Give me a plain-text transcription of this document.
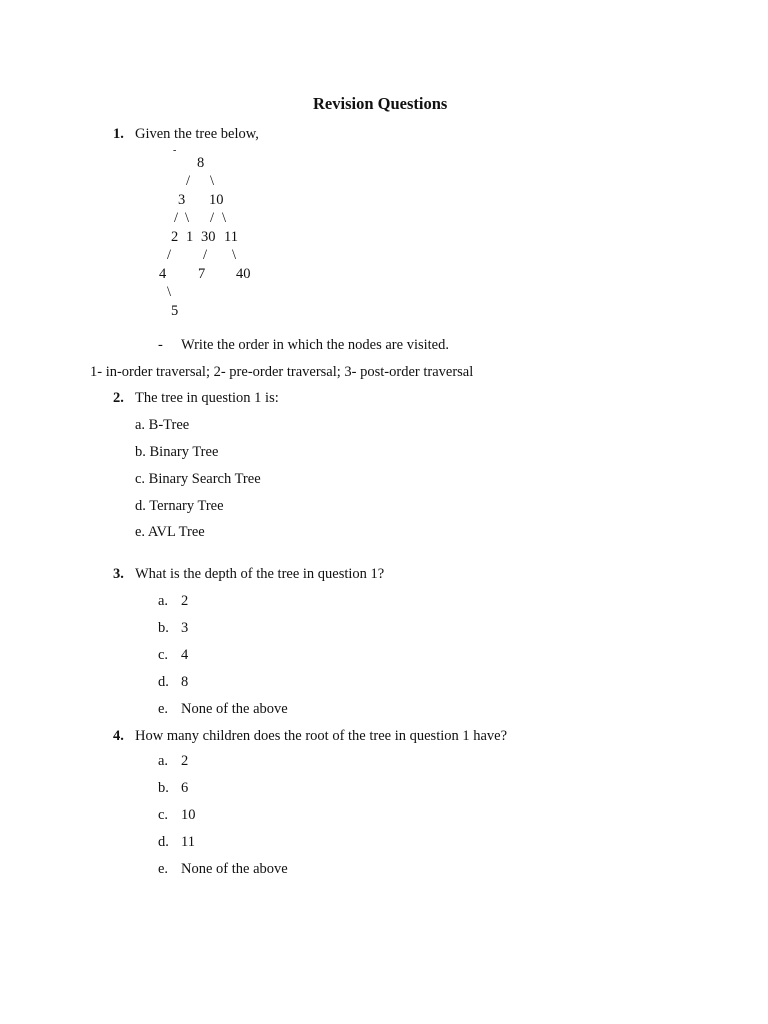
Revision Questions
1. Given the tree below,
-
8
/ \
3 10
/ \ / \
2 1 30 11
/ / \
4 7 40
\
5
- Write the order in which the nodes are visited.
1- in-order traversal; 2- pre-order traversal; 3- post-order traversal
2. The tree in question 1 is:
a. B-Tree
b. Binary Tree
c. Binary Search Tree
d. Ternary Tree
e. AVL Tree
3. What is the depth of the tree in question 1?
a. 2
b. 3
c. 4
d. 8
e. None of the above
4. How many children does the root of the tree in question 1 have?
a. 2
b. 6
c. 10
d. 11
e. None of the above
